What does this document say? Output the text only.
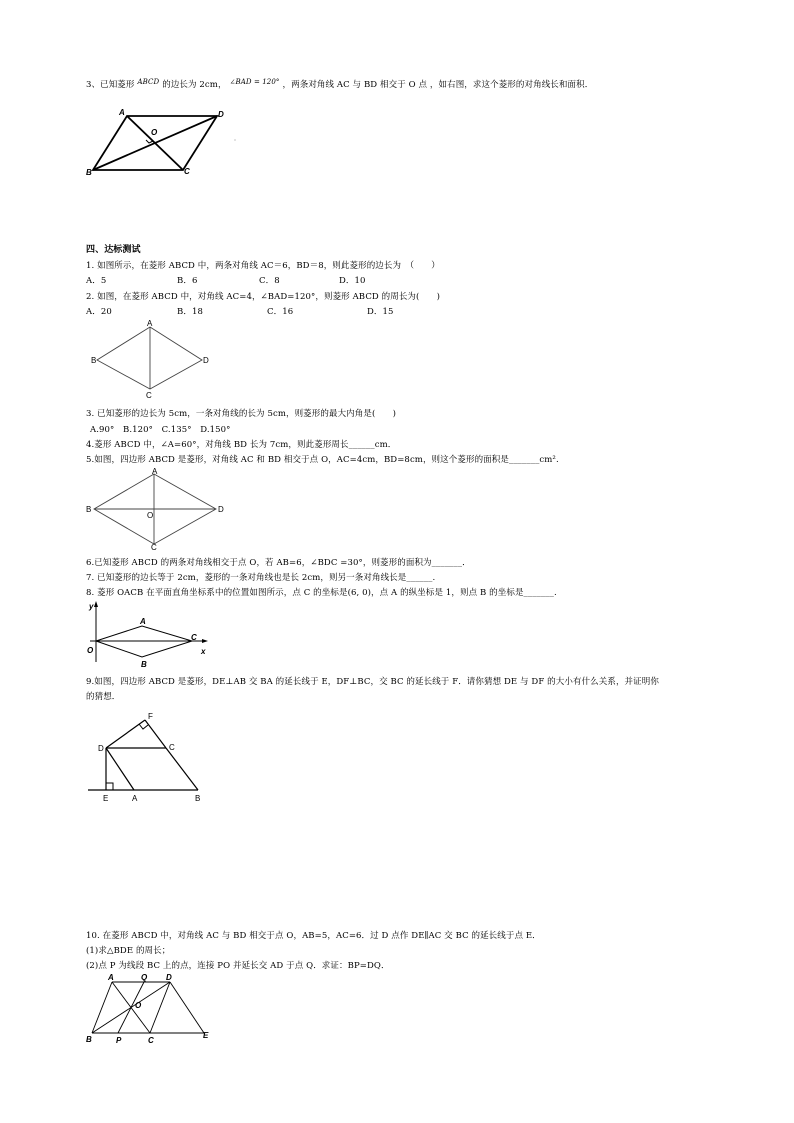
3、已知菱形 $^{ABCD}$ 的边长为 2cm， $^{\angle BAD = 120^\circ}$ ，两条对角线 AC 与 BD 相交于 O 点 ，如右图，求这个菱形的对角线长和面积．
A	D
B	C
O
四、达标测试
1. 如图所示，在菱形 ABCD 中，两条对角线 AC＝6，BD＝8，则此菱形的边长为　（　　）
A．5	B．6	C．8	D．10
2. 如图，在菱形 ABCD 中，对角线 AC=4，∠BAD=120°，则菱形 ABCD 的周长为(　　)
A．20	B．18	C．16	D．15
A
B	D
C
3. 已知菱形的边长为 5cm，一条对角线的长为 5cm，则菱形的最大内角是(　　)
A.90°　B.120°　C.135°　D.150°
4.菱形 ABCD 中，∠A=60°，对角线 BD 长为 7cm，则此菱形周长______cm．
5.如图，四边形 ABCD 是菱形，对角线 AC 和 BD 相交于点 O，AC=4cm，BD=8cm，则这个菱形的面积是_______cm².
A
B	D
O
C
6.已知菱形 ABCD 的两条对角线相交于点 O，若 AB=6，∠BDC =30°，则菱形的面积为_______．
7. 已知菱形的边长等于 2cm，菱形的一条对角线也是长 2cm，则另一条对角线长是______.
8. 菱形 OACB 在平面直角坐标系中的位置如图所示，点 C 的坐标是(6, 0)，点 A 的纵坐标是 1，则点 B 的坐标是_______.
y
O
A
C
x
B
9.如图，四边形 ABCD 是菱形，DE⊥AB 交 BA 的延长线于 E，DF⊥BC，交 BC 的延长线于 F．请你猜想 DE 与 DF 的大小有什么关系，并证明你
的猜想．
F
D	C
E	A	B
10. 在菱形 ABCD 中，对角线 AC 与 BD 相交于点 O，AB=5，AC=6．过 D 点作 DE∥AC 交 BC 的延长线于点 E．
(1)求△BDE 的周长；
(2)点 P 为线段 BC 上的点，连接 PO 并延长交 AD 于点 Q．求证：BP=DQ．
A	Q D
O
B	P	C
E
